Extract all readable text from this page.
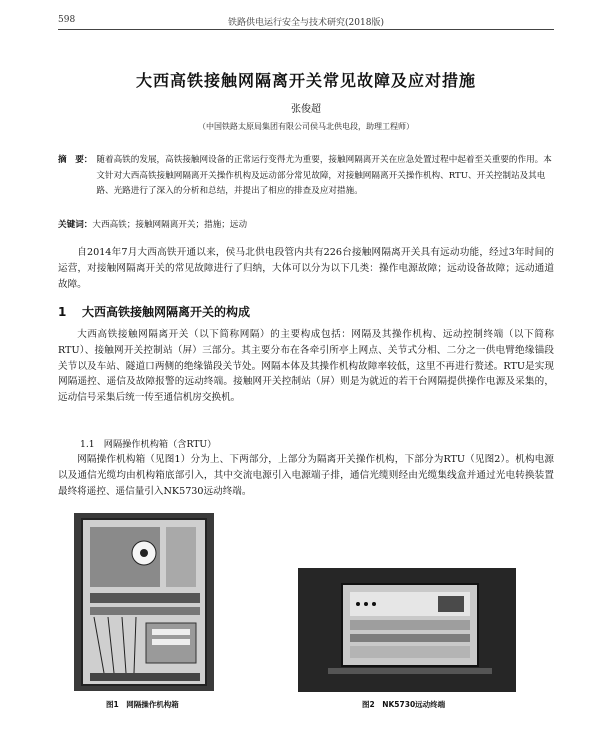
598	铁路供电运行安全与技术研究(2018版)
大西高铁接触网隔离开关常见故障及应对措施
张俊超
（中国铁路太原局集团有限公司侯马北供电段，助理工程师）
摘　要： 随着高铁的发展，高铁接触网设备的正常运行变得尤为重要，接触网隔离开关在应急处置过程中起着至关重要的作用。本文针对大西高铁接触网隔离开关操作机构及远动部分常见故障，对接触网隔离开关操作机构、RTU、开关控制站及其电路、光路进行了深入的分析和总结，并提出了相应的排查及应对措施。
关键词：大西高铁；接触网隔离开关；措施；远动
自2014年7月大西高铁开通以来，侯马北供电段管内共有226台接触网隔离开关具有远动功能，经过3年时间的运营，对接触网隔离开关的常见故障进行了归纳，大体可以分为以下几类：操作电源故障；远动设备故障；远动通道故障。
1 大西高铁接触网隔离开关的构成
大西高铁接触网隔离开关（以下简称网隔）的主要构成包括：网隔及其操作机构、远动控制终端（以下简称RTU）、接触网开关控制站（屏）三部分。其主要分布在各牵引所亭上网点、关节式分相、二分之一供电臂绝缘锚段关节以及车站、隧道口两侧的绝缘锚段关节处。网隔本体及其操作机构故障率较低，这里不再进行赘述。RTU是实现网隔遥控、遥信及故障报警的远动终端。接触网开关控制站（屏）则是为就近的若干台网隔提供操作电源及采集的，远动信号采集后统一传至通信机房交换机。
1.1　网隔操作机构箱（含RTU）
网隔操作机构箱（见图1）分为上、下两部分，上部分为隔离开关操作机构，下部分为RTU（见图2）。机构电源以及通信光缆均由机构箱底部引入，其中交流电源引入电源端子排，通信光缆则经由光缆集线盒并通过光电转换装置最终将遥控、遥信量引入NK5730远动终端。
图1　网隔操作机构箱	图2　NK5730远动终端
